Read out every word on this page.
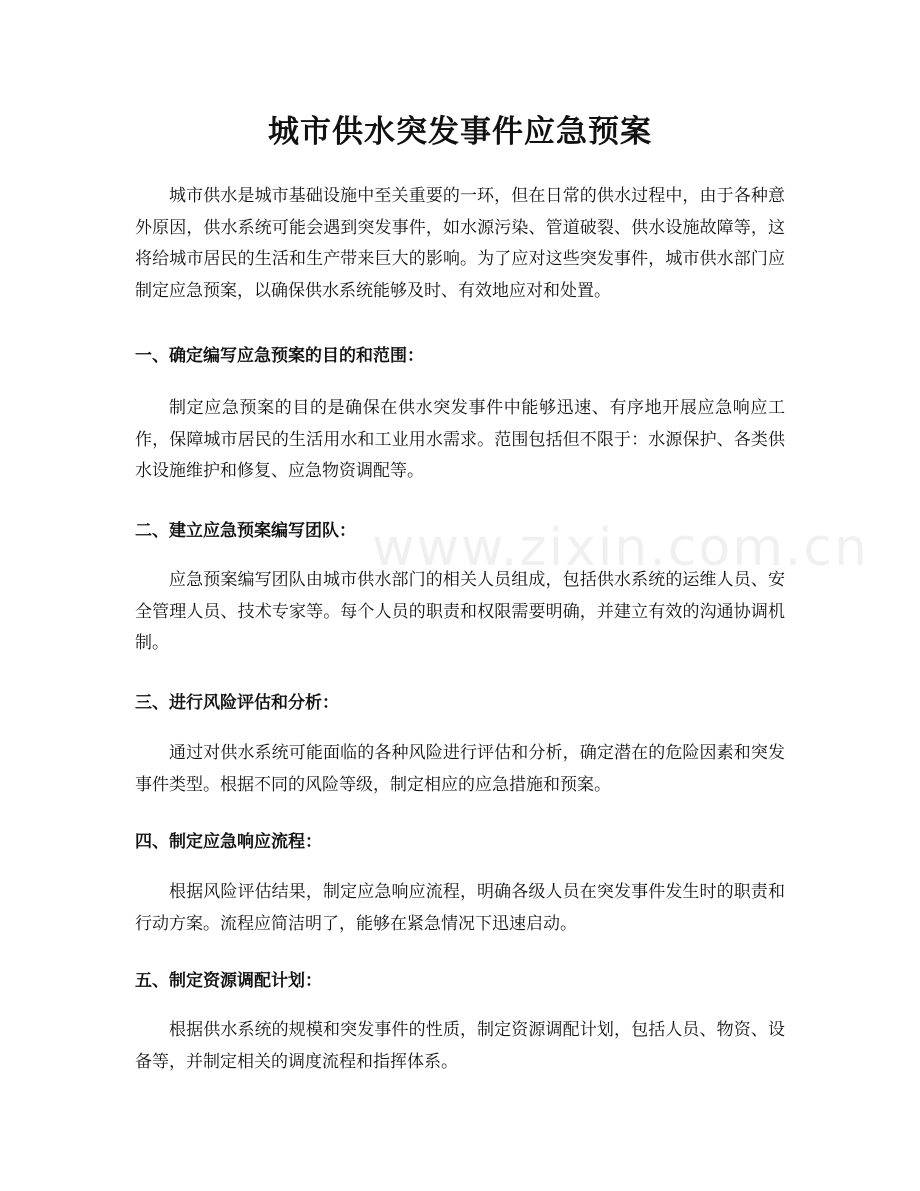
城市供水突发事件应急预案

城市供水是城市基础设施中至关重要的一环，但在日常的供水过程中，由于各种意外原因，供水系统可能会遇到突发事件，如水源污染、管道破裂、供水设施故障等，这将给城市居民的生活和生产带来巨大的影响。为了应对这些突发事件，城市供水部门应制定应急预案，以确保供水系统能够及时、有效地应对和处置。

一、确定编写应急预案的目的和范围：

制定应急预案的目的是确保在供水突发事件中能够迅速、有序地开展应急响应工作，保障城市居民的生活用水和工业用水需求。范围包括但不限于：水源保护、各类供水设施维护和修复、应急物资调配等。

二、建立应急预案编写团队：

应急预案编写团队由城市供水部门的相关人员组成，包括供水系统的运维人员、安全管理人员、技术专家等。每个人员的职责和权限需要明确，并建立有效的沟通协调机制。

三、进行风险评估和分析：

通过对供水系统可能面临的各种风险进行评估和分析，确定潜在的危险因素和突发事件类型。根据不同的风险等级，制定相应的应急措施和预案。

四、制定应急响应流程：

根据风险评估结果，制定应急响应流程，明确各级人员在突发事件发生时的职责和行动方案。流程应简洁明了，能够在紧急情况下迅速启动。

五、制定资源调配计划：

根据供水系统的规模和突发事件的性质，制定资源调配计划，包括人员、物资、设备等，并制定相关的调度流程和指挥体系。

www.zixin.com.cn
